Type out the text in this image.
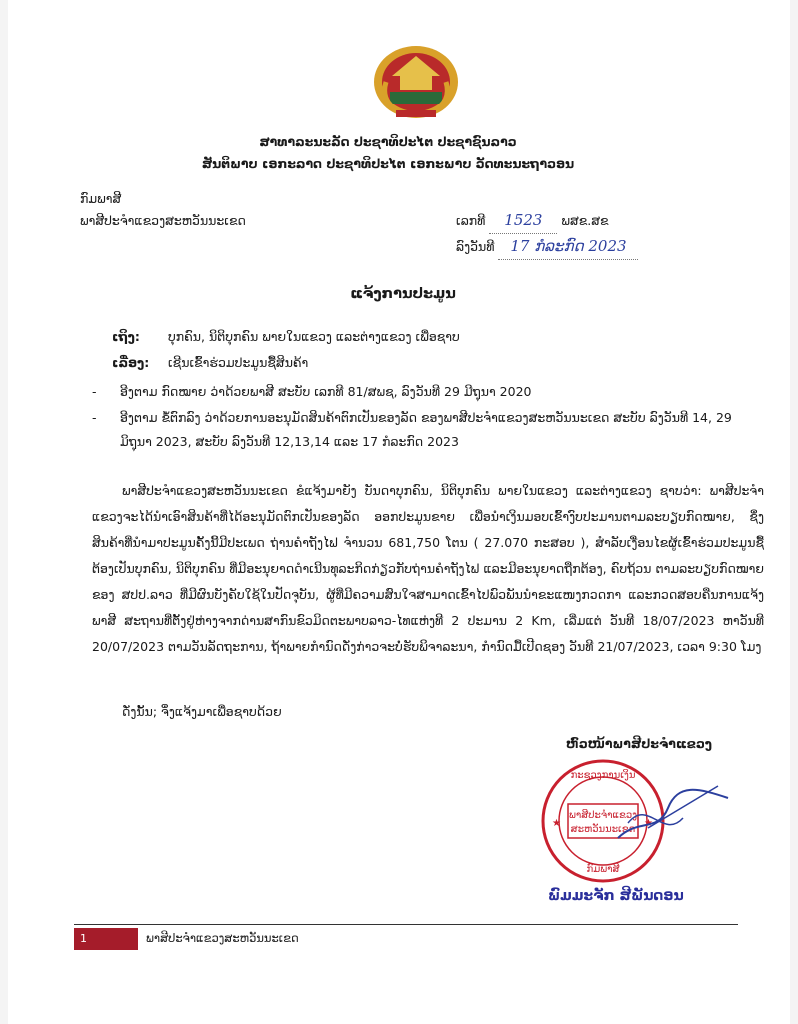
ສາທາລະນະລັດ ປະຊາທິປະໄຕ ປະຊາຊົນລາວ
ສັນຕິພາບ ເອກະລາດ ປະຊາທິປະໄຕ ເອກະພາບ ວັດທະນະຖາວອນ
ກົມພາສີ
ພາສີປະຈຳແຂວງສະຫວັນນະເຂດ	ເລກທີ 1523 ພສຂ.ສຂ
ລົງວັນທີ 17 ກໍລະກົດ 2023
ແຈ້ງການປະມູນ
ເຖິງ: ບຸກຄົນ, ນິຕິບຸກຄົນ ພາຍໃນແຂວງ ແລະຕ່າງແຂວງ ເພື່ອຊາບ
ເລື່ອງ: ເຊີນເຂົ້າຮ່ວມປະມູນຊື້ສິນຄ້າ
-	ອີງຕາມ ກົດໝາຍ ວ່າດ້ວຍພາສີ ສະບັບ ເລກທີ 81/ສພຊ, ລົງວັນທີ 29 ມີຖຸນາ 2020
-	ອີງຕາມ ຂໍ້ຕົກລົງ ວ່າດ້ວຍການອະນຸມັດສິນຄ້າຕົກເປັນຂອງລັດ ຂອງພາສີປະຈຳແຂວງສະຫວັນນະເຂດ ສະບັບ ລົງວັນທີ 14, 29 ມິຖຸນາ 2023, ສະບັບ ລົງວັນທີ 12,13,14 ແລະ 17 ກໍລະກົດ 2023
ພາສີປະຈຳແຂວງສະຫວັນນະເຂດ ຂໍແຈ້ງມາຍັງ ບັນດາບຸກຄົນ, ນິຕິບຸກຄົນ ພາຍໃນແຂວງ ແລະຕ່າງແຂວງ ຊາບວ່າ: ພາສີປະຈຳແຂວງຈະໄດ້ນຳເອົາສິນຄ້າທີ່ໄດ້ອະນຸມັດຕົກເປັນຂອງລັດ ອອກປະມູນຂາຍ ເພື່ອນຳເງິນມອບເຂົ້າງົບປະມານຕາມລະບຽບກົດໝາຍ, ຊຶ່ງສິນຄ້າທີ່ນຳມາປະມູນຄັ້ງນີ້ມີປະເພດ ຖ່ານຄຳຖັງໄຟ ຈຳນວນ 681,750 ໂຕນ ( 27.070 ກະສອບ ), ສຳລັບເງື່ອນໄຂຜູ້ເຂົ້າຮ່ວມປະມູນຊື້ຕ້ອງເປັນບຸກຄົນ, ນິຕິບຸກຄົນ ທີ່ມີອະນຸຍາດດຳເນີນທຸລະກິດກ່ຽວກັບຖ່ານຄຳຖັງໄຟ ແລະມີອະນຸຍາດຖືກຕ້ອງ, ຄົບຖ້ວນ ຕາມລະບຽບກົດໝາຍຂອງ ສປປ.ລາວ ທີ່ມີຜົນບັງຄັບໃຊ້ໃນປັດຈຸບັນ, ຜູ້ທີ່ມີຄວາມສົນໃຈສາມາດເຂົ້າໄປພົວພັນນຳຂະແໜງກວດກາ ແລະກວດສອບຄືນການແຈ້ງພາສີ ສະຖານທີ່ຕັ້ງຢູ່ຫ່າງຈາກດ່ານສາກົນຂົວມິດຕະພາບລາວ-ໄທແຫ່ງທີ 2 ປະມານ 2 Km, ເລີ່ມແຕ່ ວັນທີ 18/07/2023 ຫາວັນທີ 20/07/2023 ຕາມວັນລັດຖະການ, ຖ້າພາຍກຳນົດດັ່ງກ່າວຈະບໍ່ຮັບພິຈາລະນາ, ກຳນົດມື້ເປີດຊອງ ວັນທີ 21/07/2023, ເວລາ 9:30 ໂມງ
ດັ່ງນັ້ນ; ຈຶ່ງແຈ້ງມາເພື່ອຊາບດ້ວຍ
ຫົວໜ້າພາສີປະຈຳແຂວງ
ພາສີປະຈຳແຂວງ
ສະຫວັນນະເຂດ
ກະຊວງການເງິນ
ກົມພາສີ
★	★
ພົມມະຈັກ ສີພັນດອນ
1	ພາສີປະຈຳແຂວງສະຫວັນນະເຂດ
